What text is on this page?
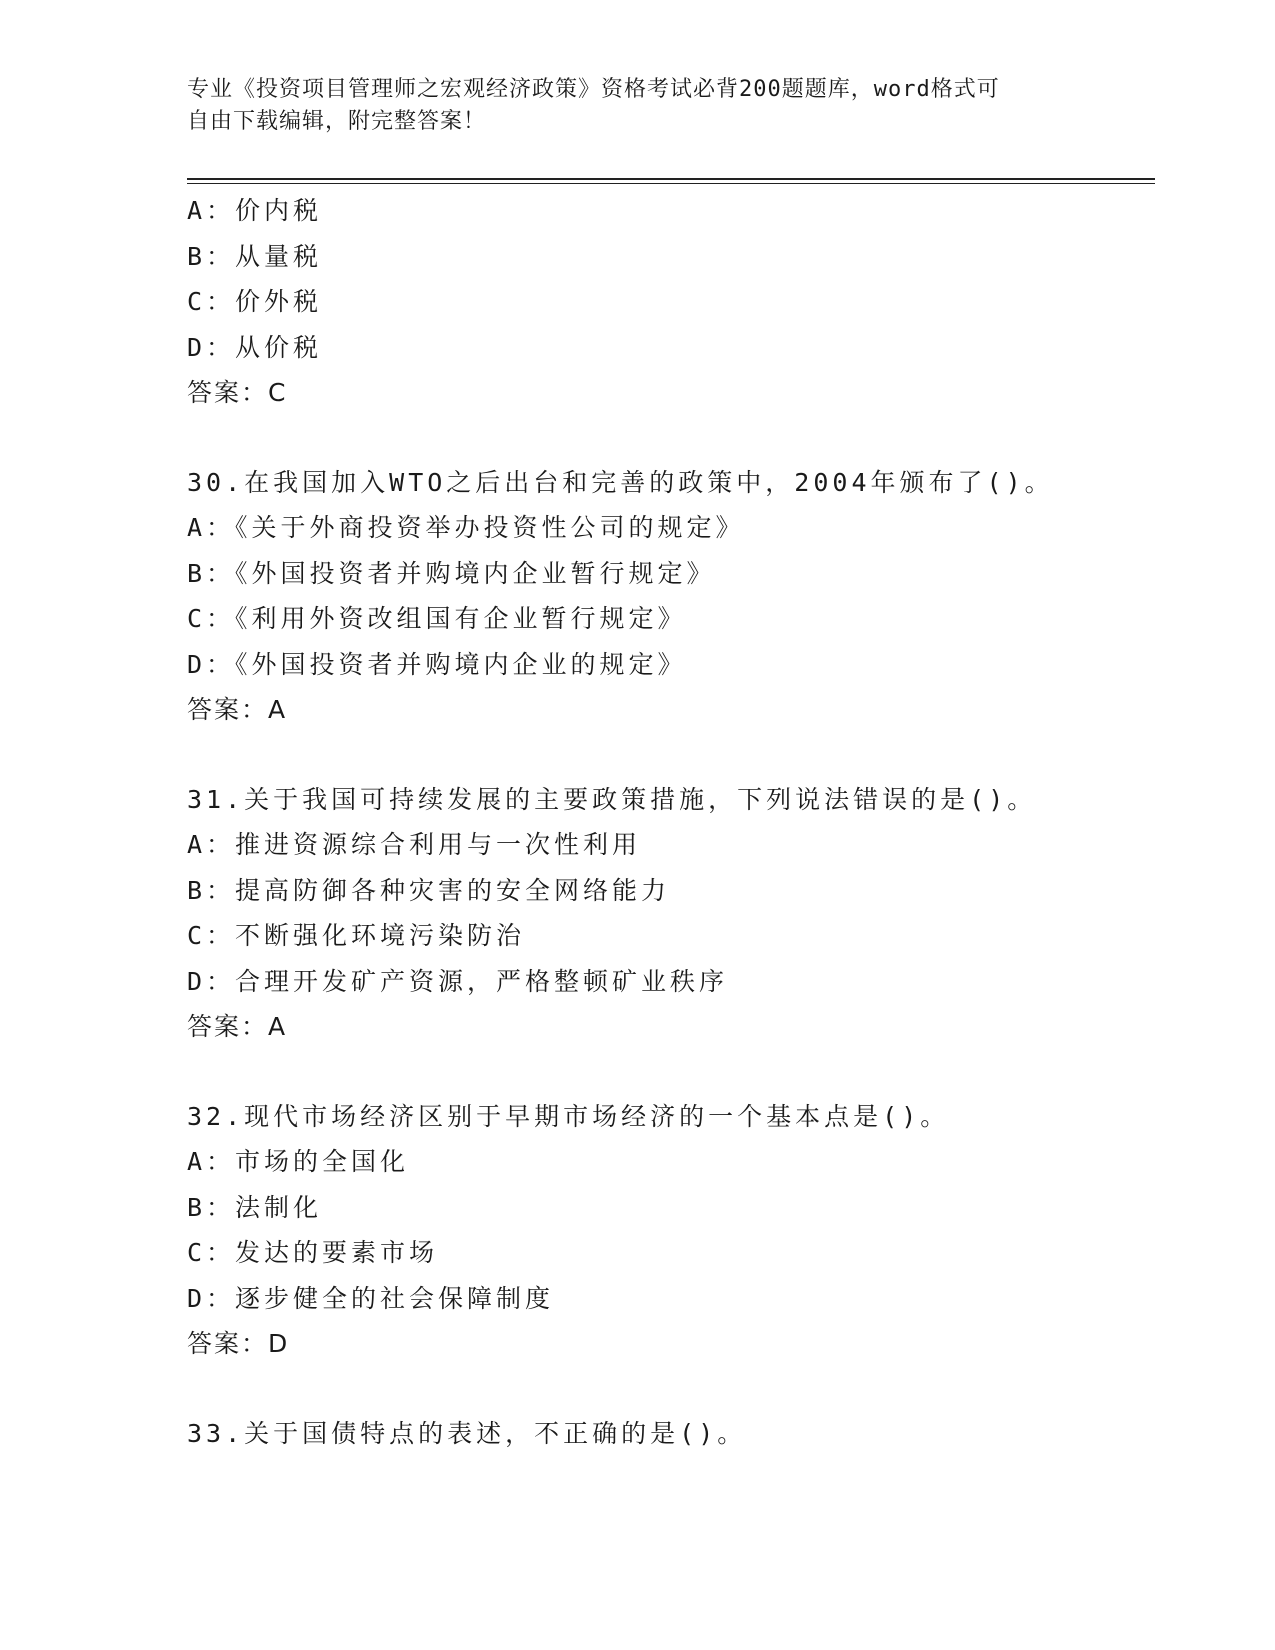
专业《投资项目管理师之宏观经济政策》资格考试必背200题题库，word格式可
自由下载编辑，附完整答案！
A：价内税
B：从量税
C：价外税
D：从价税
答案：C
30.在我国加入WTO之后出台和完善的政策中，2004年颁布了()。
A：《关于外商投资举办投资性公司的规定》
B：《外国投资者并购境内企业暂行规定》
C：《利用外资改组国有企业暂行规定》
D：《外国投资者并购境内企业的规定》
答案：A
31.关于我国可持续发展的主要政策措施，下列说法错误的是()。
A：推进资源综合利用与一次性利用
B：提高防御各种灾害的安全网络能力
C：不断强化环境污染防治
D：合理开发矿产资源，严格整顿矿业秩序
答案：A
32.现代市场经济区别于早期市场经济的一个基本点是()。
A：市场的全国化
B：法制化
C：发达的要素市场
D：逐步健全的社会保障制度
答案：D
33.关于国债特点的表述，不正确的是()。
